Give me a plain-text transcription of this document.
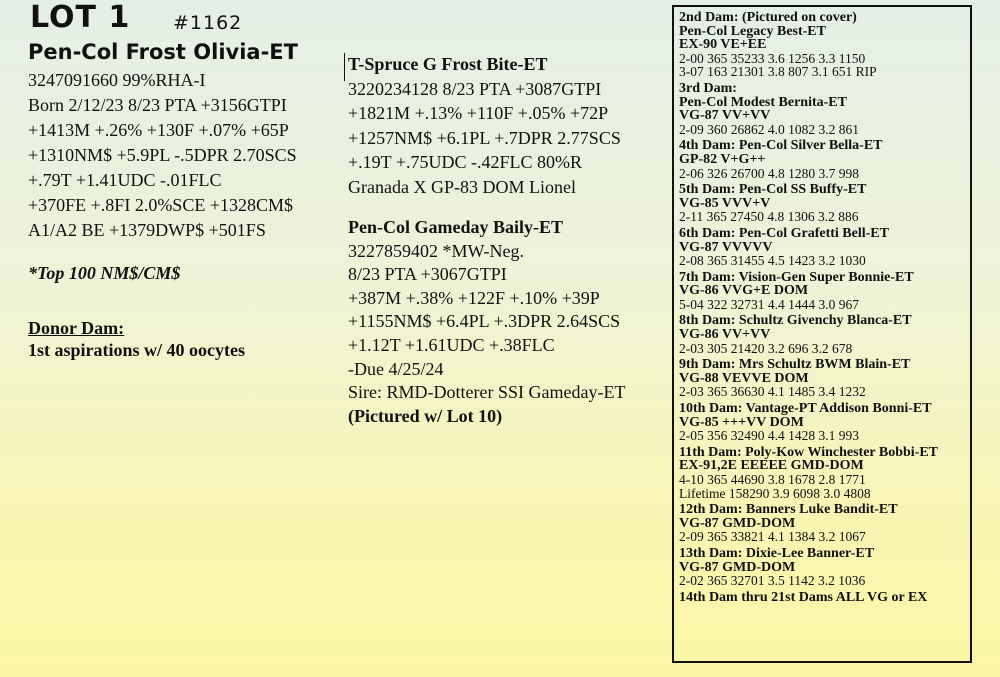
LOT 1 #1162
Pen-Col Frost Olivia-ET
3247091660 99%RHA-I
Born 2/12/23 8/23 PTA +3156GTPI
+1413M +.26% +130F +.07% +65P
+1310NM$ +5.9PL -.5DPR 2.70SCS
+.79T +1.41UDC -.01FLC
+370FE +.8FI 2.0%SCE +1328CM$
A1/A2 BE +1379DWP$ +501FS
*Top 100 NM$/CM$
Donor Dam:
1st aspirations w/ 40 oocytes
T-Spruce G Frost Bite-ET
3220234128 8/23 PTA +3087GTPI
+1821M +.13% +110F +.05% +72P
+1257NM$ +6.1PL +.7DPR 2.77SCS
+.19T +.75UDC -.42FLC 80%R
Granada X GP-83 DOM Lionel
Pen-Col Gameday Baily-ET
3227859402 *MW-Neg.
8/23 PTA +3067GTPI
+387M +.38% +122F +.10% +39P
+1155NM$ +6.4PL +.3DPR 2.64SCS
+1.12T +1.61UDC +.38FLC
-Due 4/25/24
Sire: RMD-Dotterer SSI Gameday-ET
(Pictured w/ Lot 10)
2nd Dam: (Pictured on cover)
Pen-Col Legacy Best-ET
EX-90 VE+EE
2-00 365 35233 3.6 1256 3.3 1150
3-07 163 21301 3.8 807 3.1 651 RIP
3rd Dam:
Pen-Col Modest Bernita-ET
VG-87 VV+VV
2-09 360 26862 4.0 1082 3.2 861
4th Dam: Pen-Col Silver Bella-ET
GP-82 V+G++
2-06 326 26700 4.8 1280 3.7 998
5th Dam: Pen-Col SS Buffy-ET
VG-85 VVV+V
2-11 365 27450 4.8 1306 3.2 886
6th Dam: Pen-Col Grafetti Bell-ET
VG-87 VVVVV
2-08 365 31455 4.5 1423 3.2 1030
7th Dam: Vision-Gen Super Bonnie-ET
VG-86 VVG+E DOM
5-04 322 32731 4.4 1444 3.0 967
8th Dam: Schultz Givenchy Blanca-ET
VG-86 VV+VV
2-03 305 21420 3.2 696 3.2 678
9th Dam: Mrs Schultz BWM Blain-ET
VG-88 VEVVE DOM
2-03 365 36630 4.1 1485 3.4 1232
10th Dam: Vantage-PT Addison Bonni-ET
VG-85 +++VV DOM
2-05 356 32490 4.4 1428 3.1 993
11th Dam: Poly-Kow Winchester Bobbi-ET
EX-91,2E EEEEE GMD-DOM
4-10 365 44690 3.8 1678 2.8 1771
Lifetime 158290 3.9 6098 3.0 4808
12th Dam: Banners Luke Bandit-ET
VG-87 GMD-DOM
2-09 365 33821 4.1 1384 3.2 1067
13th Dam: Dixie-Lee Banner-ET
VG-87 GMD-DOM
2-02 365 32701 3.5 1142 3.2 1036
14th Dam thru 21st Dams ALL VG or EX
